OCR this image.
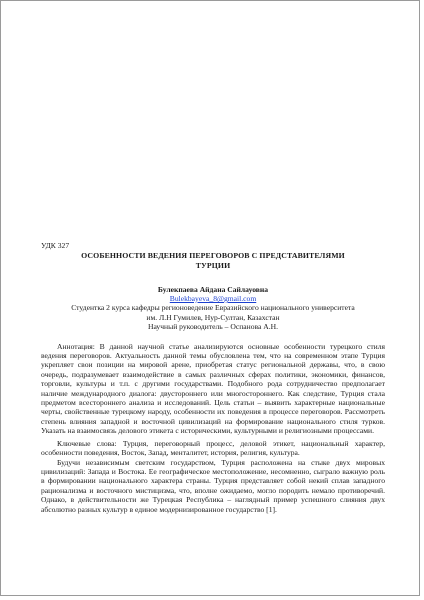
УДК 327

ОСОБЕННОСТИ ВЕДЕНИЯ ПЕРЕГОВОРОВ С ПРЕДСТАВИТЕЛЯМИ
ТУРЦИИ

Булекпаева Айдана Сайлауовна

Bulekbayeva_8@gmail.com

Студентка 2 курса кафедры регионоведение Евразийского национального университета

им. Л.Н Гумилев, Нур-Султан, Казахстан

Научный руководитель – Оспанова А.Н.

Аннотация: В данной научной статье анализируются основные особенности турецкого стиля ведения переговоров. Актуальность данной темы обусловлена тем, что на современном этапе Турция укрепляет свои позиции на мировой арене, приобретая статус региональной державы, что, в свою очередь, подразумевает взаимодействие в самых различных сферах политики, экономики, финансов, торговли, культуры и т.п. с другими государствами. Подобного рода сотрудничество предполагает наличие международного диалога: двустороннего или многостороннего. Как следствие, Турция стала предметом всестороннего анализа и исследований. Цель статьи – выявить характерные национальные черты, свойственные турецкому народу, особенности их поведения в процессе переговоров. Рассмотреть степень влияния западной и восточной цивилизаций на формирование национального стиля турков. Указать на взаимосвязь делового этикета с историческими, культурными и религиозными процессами.

Ключевые слова: Турция, переговорный процесс, деловой этикет, национальный характер, особенности поведения, Восток, Запад, менталитет, история, религия, культура.

Будучи независимым светским государством, Турция расположена на стыке двух мировых цивилизаций: Запада и Востока. Ее географическое местоположение, несомненно, сыграло важную роль в формировании национального характера страны. Турция представляет собой некий сплав западного рационализма и восточного мистицизма, что, вполне ожидаемо, могло породить немало противоречий. Однако, в действительности же Турецкая Республика – наглядный пример успешного слияния двух абсолютно разных культур в единое модернизированное государство [1].
